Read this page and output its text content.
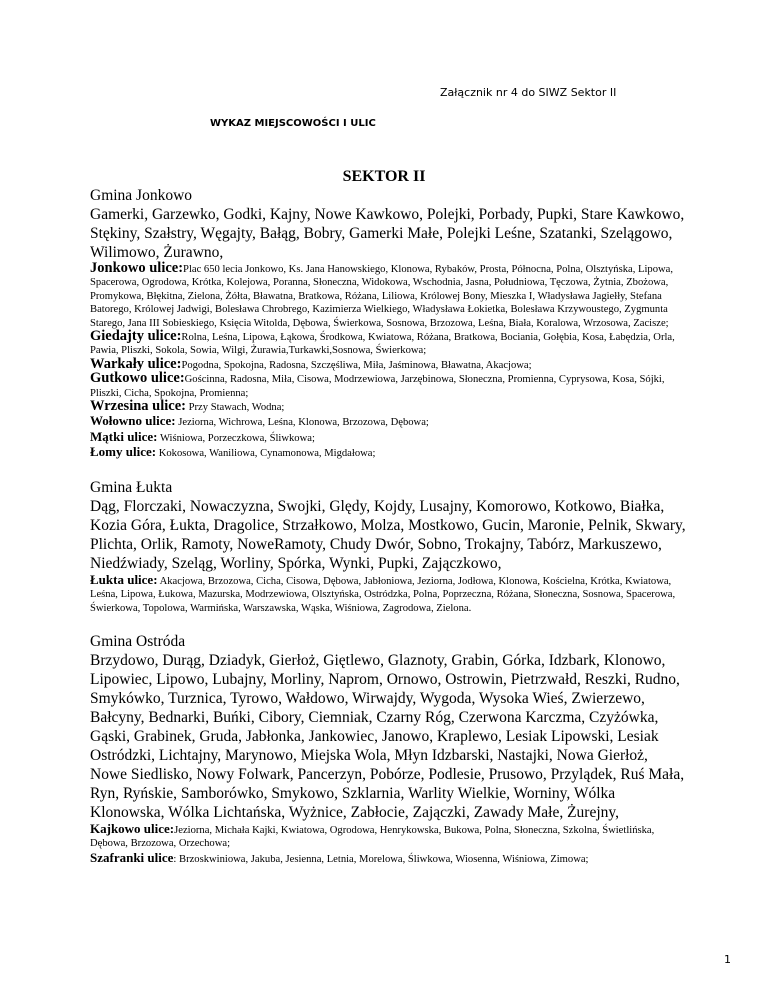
Załącznik nr 4 do SIWZ Sektor II
WYKAZ MIEJSCOWOŚCI I ULIC
SEKTOR II

Gmina Jonkowo

Gamerki, Garzewko, Godki, Kajny, Nowe Kawkowo, Polejki, Porbady, Pupki, Stare Kawkowo, Stękiny, Szałstry, Węgajty, Bałąg, Bobry, Gamerki Małe, Polejki Leśne, Szatanki, Szelągowo, Wilimowo, Żurawno,

Jonkowo ulice:Plac 650 lecia Jonkowo, Ks. Jana Hanowskiego, Klonowa, Rybaków, Prosta, Północna, Polna, Olsztyńska, Lipowa, Spacerowa, Ogrodowa, Krótka, Kolejowa, Poranna, Słoneczna, Widokowa, Wschodnia, Jasna, Południowa, Tęczowa, Żytnia, Zbożowa, Promykowa, Błękitna, Zielona, Żółta, Bławatna, Bratkowa, Różana, Liliowa, Królowej Bony, Mieszka I, Władysława Jagiełły, Stefana Batorego, Królowej Jadwigi, Bolesława Chrobrego, Kazimierza Wielkiego, Władysława Łokietka, Bolesława Krzywoustego, Zygmunta Starego, Jana III Sobieskiego, Księcia Witolda, Dębowa, Świerkowa, Sosnowa, Brzozowa, Leśna, Biała, Koralowa, Wrzosowa, Zacisze;

Giedajty ulice:Rolna, Leśna, Lipowa, Łąkowa, Środkowa, Kwiatowa, Różana, Bratkowa, Bociania, Gołębia, Kosa, Łabędzia, Orla, Pawia, Pliszki, Sokola, Sowia, Wilgi, Żurawia,Turkawki,Sosnowa, Świerkowa;

Warkały ulice:Pogodna, Spokojna, Radosna, Szczęśliwa, Miła, Jaśminowa, Bławatna, Akacjowa;

Gutkowo ulice:Gościnna, Radosna, Miła, Cisowa, Modrzewiowa, Jarzębinowa, Słoneczna, Promienna, Cyprysowa, Kosa, Sójki, Pliszki, Cicha, Spokojna, Promienna;

Wrzesina ulice: Przy Stawach, Wodna;

Wołowno ulice: Jeziorna, Wichrowa, Leśna, Klonowa, Brzozowa, Dębowa;

Mątki ulice: Wiśniowa, Porzeczkowa, Śliwkowa;

Łomy ulice: Kokosowa, Waniliowa, Cynamonowa, Migdałowa;

Gmina Łukta

Dąg, Florczaki, Nowaczyzna, Swojki, Ględy, Kojdy, Lusajny, Komorowo, Kotkowo, Białka, Kozia Góra, Łukta, Dragolice, Strzałkowo, Molza, Mostkowo, Gucin, Maronie, Pelnik, Skwary, Plichta, Orlik, Ramoty, NoweRamoty, Chudy Dwór, Sobno, Trokajny, Tabórz, Markuszewo, Niedźwiady, Szeląg, Worliny, Spórka, Wynki, Pupki, Zajączkowo,

Łukta ulice: Akacjowa, Brzozowa, Cicha, Cisowa, Dębowa, Jabłoniowa, Jeziorna, Jodłowa, Klonowa, Kościelna, Krótka, Kwiatowa, Leśna, Lipowa, Łukowa, Mazurska, Modrzewiowa, Olsztyńska, Ostródzka, Polna, Poprzeczna, Różana, Słoneczna, Sosnowa, Spacerowa, Świerkowa, Topolowa, Warmińska, Warszawska, Wąska, Wiśniowa, Zagrodowa, Zielona.

Gmina Ostróda

Brzydowo, Durąg, Dziadyk, Gierłoż, Giętlewo, Glaznoty, Grabin, Górka, Idzbark, Klonowo, Lipowiec, Lipowo, Lubajny, Morliny, Naprom, Ornowo, Ostrowin, Pietrzwałd, Reszki, Rudno, Smykówko, Turznica, Tyrowo, Wałdowo, Wirwajdy, Wygoda, Wysoka Wieś, Zwierzewo, Bałcyny, Bednarki, Buńki, Cibory, Ciemniak, Czarny Róg, Czerwona Karczma, Czyżówka, Gąski, Grabinek, Gruda, Jabłonka, Jankowiec, Janowo, Kraplewo, Lesiak Lipowski, Lesiak Ostródzki, Lichtajny, Marynowo, Miejska Wola, Młyn Idzbarski, Nastajki, Nowa Gierłoż, Nowe Siedlisko, Nowy Folwark, Pancerzyn, Pobórze, Podlesie, Prusowo, Przylądek, Ruś Mała, Ryn, Ryńskie, Samborówko, Smykowo, Szklarnia, Warlity Wielkie, Worniny, Wólka Klonowska, Wólka Lichtańska, Wyżnice, Zabłocie, Zajączki, Zawady Małe, Żurejny,

Kajkowo ulice:Jeziorna, Michała Kajki, Kwiatowa, Ogrodowa, Henrykowska, Bukowa, Polna, Słoneczna, Szkolna, Świetlińska, Dębowa, Brzozowa, Orzechowa;

Szafranki ulice: Brzoskwiniowa, Jakuba, Jesienna, Letnia, Morelowa, Śliwkowa, Wiosenna, Wiśniowa, Zimowa;

1
